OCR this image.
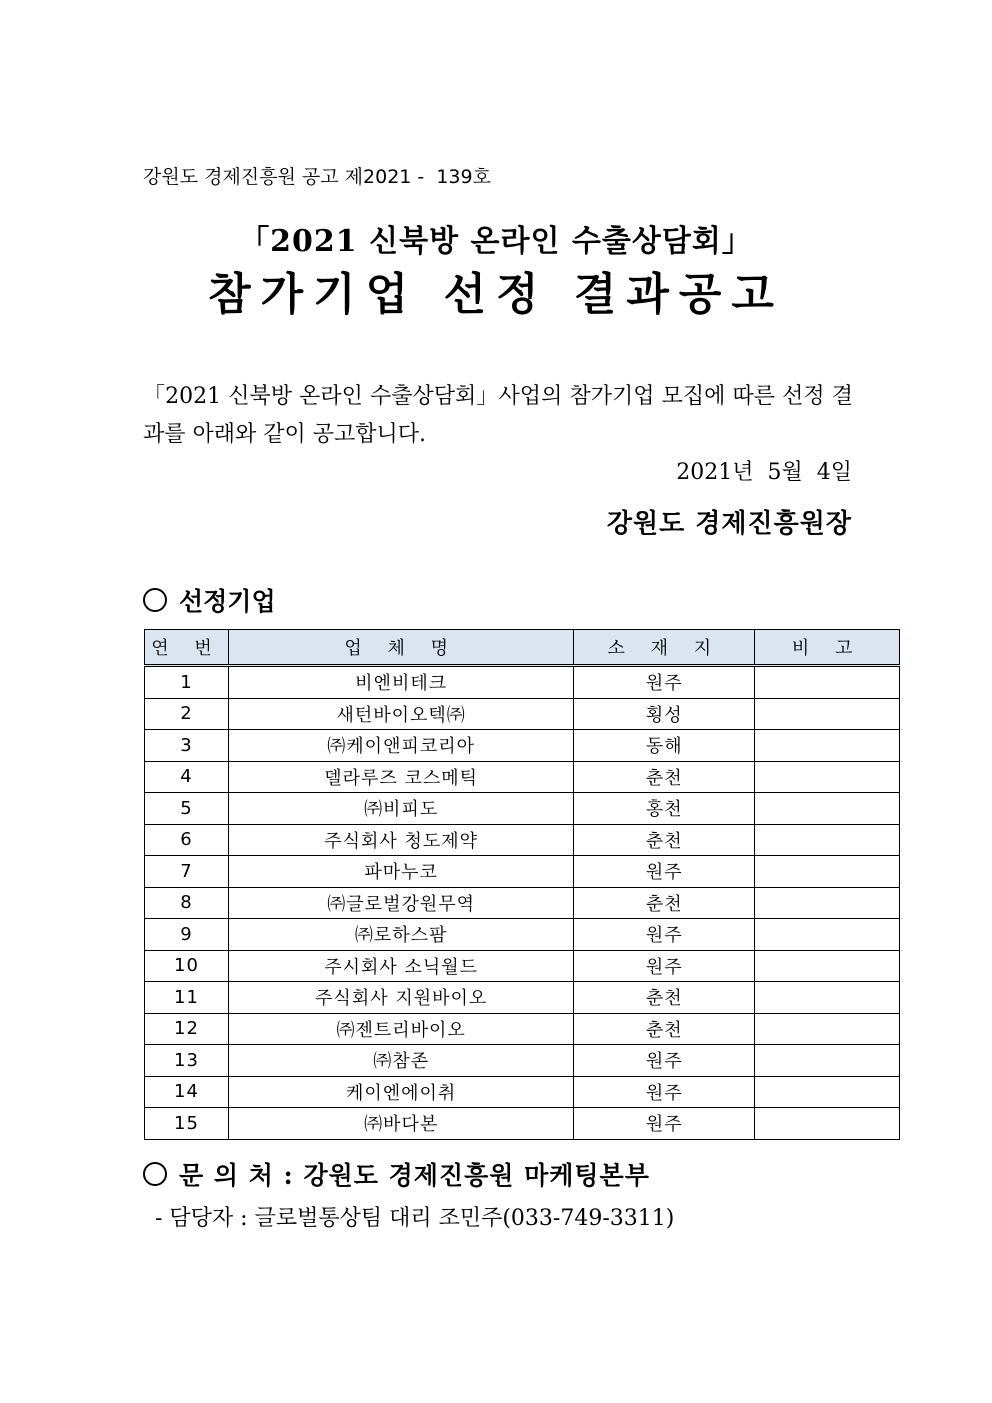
강원도 경제진흥원 공고 제2021 -  139호
「2021 신북방 온라인 수출상담회」
참가기업 선정 결과공고
「2021 신북방 온라인 수출상담회」사업의 참가기업 모집에 따른 선정 결과를 아래와 같이 공고합니다.
2021년  5월  4일
강원도 경제진흥원장
선정기업
연 번	업 체 명	소 재 지	비 고
1	비엔비테크	원주	
2	새턴바이오텍㈜	횡성	
3	㈜케이앤피코리아	동해	
4	델라루즈 코스메틱	춘천	
5	㈜비피도	홍천	
6	주식회사 청도제약	춘천	
7	파마누코	원주	
8	㈜글로벌강원무역	춘천	
9	㈜로하스팜	원주	
10	주시회사 소닉월드	원주	
11	주식회사 지원바이오	춘천	
12	㈜젠트리바이오	춘천	
13	㈜참존	원주	
14	케이엔에이취	원주	
15	㈜바다본	원주	
문 의 처 : 강원도 경제진흥원 마케팅본부
- 담당자 : 글로벌통상팀 대리 조민주(033-749-3311)
